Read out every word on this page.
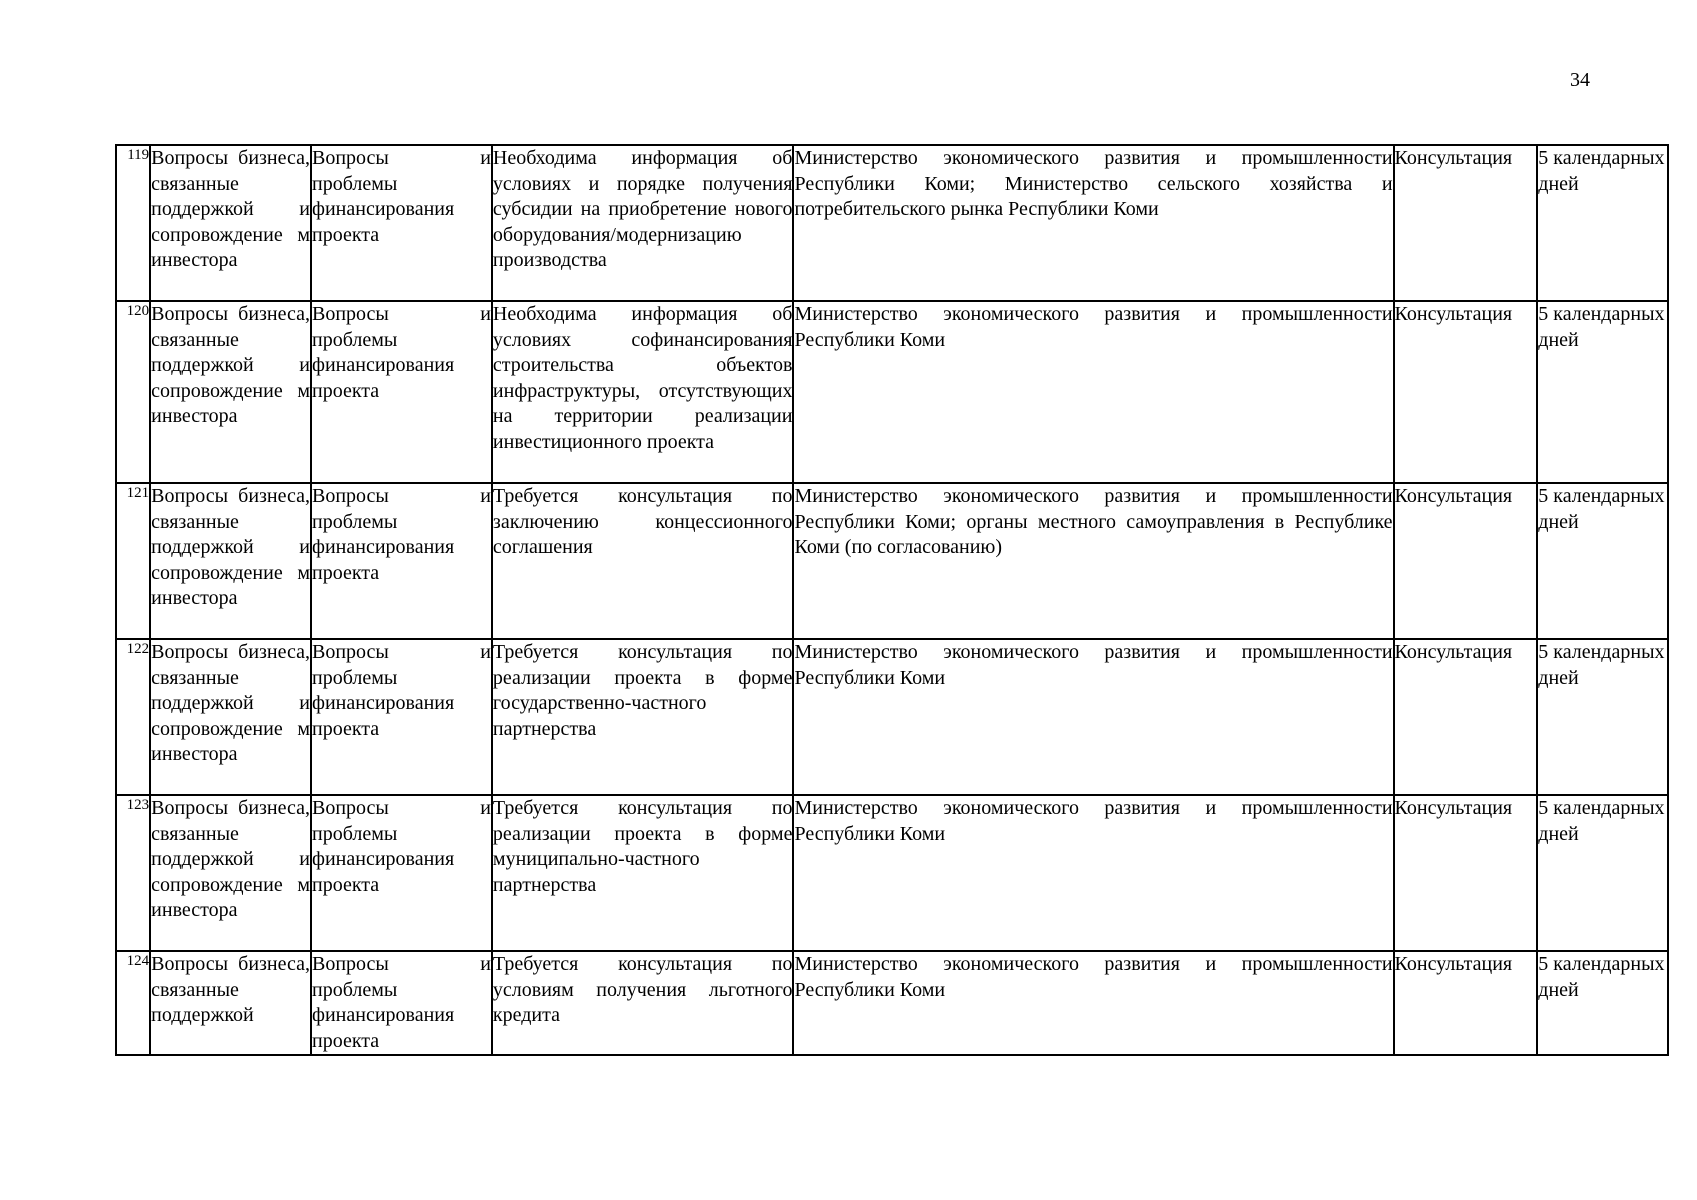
34
119	Вопросы бизнеса, связанные поддержкой и сопровождение м инвестора	Вопросы и проблемы финансирования проекта	Необходима информация об условиях и порядке получения субсидии на приобретение нового оборудования/модернизацию производства	Министерство экономического развития и промышленности Республики Коми; Министерство сельского хозяйства и потребительского рынка Республики Коми	Консультация	5 календарных дней
120	Вопросы бизнеса, связанные поддержкой и сопровождение м инвестора	Вопросы и проблемы финансирования проекта	Необходима информация об условиях софинансирования строительства объектов инфраструктуры, отсутствующих на территории реализации инвестиционного проекта	Министерство экономического развития и промышленности Республики Коми	Консультация	5 календарных дней
121	Вопросы бизнеса, связанные поддержкой и сопровождение м инвестора	Вопросы и проблемы финансирования проекта	Требуется консультация по заключению концессионного соглашения	Министерство экономического развития и промышленности Республики Коми; органы местного самоуправления в Республике Коми (по согласованию)	Консультация	5 календарных дней
122	Вопросы бизнеса, связанные поддержкой и сопровождение м инвестора	Вопросы и проблемы финансирования проекта	Требуется консультация по реализации проекта в форме государственно-частного партнерства	Министерство экономического развития и промышленности Республики Коми	Консультация	5 календарных дней
123	Вопросы бизнеса, связанные поддержкой и сопровождение м инвестора	Вопросы и проблемы финансирования проекта	Требуется консультация по реализации проекта в форме муниципально-частного партнерства	Министерство экономического развития и промышленности Республики Коми	Консультация	5 календарных дней
124	Вопросы бизнеса, связанные поддержкой	Вопросы и проблемы финансирования проекта	Требуется консультация по условиям получения льготного кредита	Министерство экономического развития и промышленности Республики Коми	Консультация	5 календарных дней
